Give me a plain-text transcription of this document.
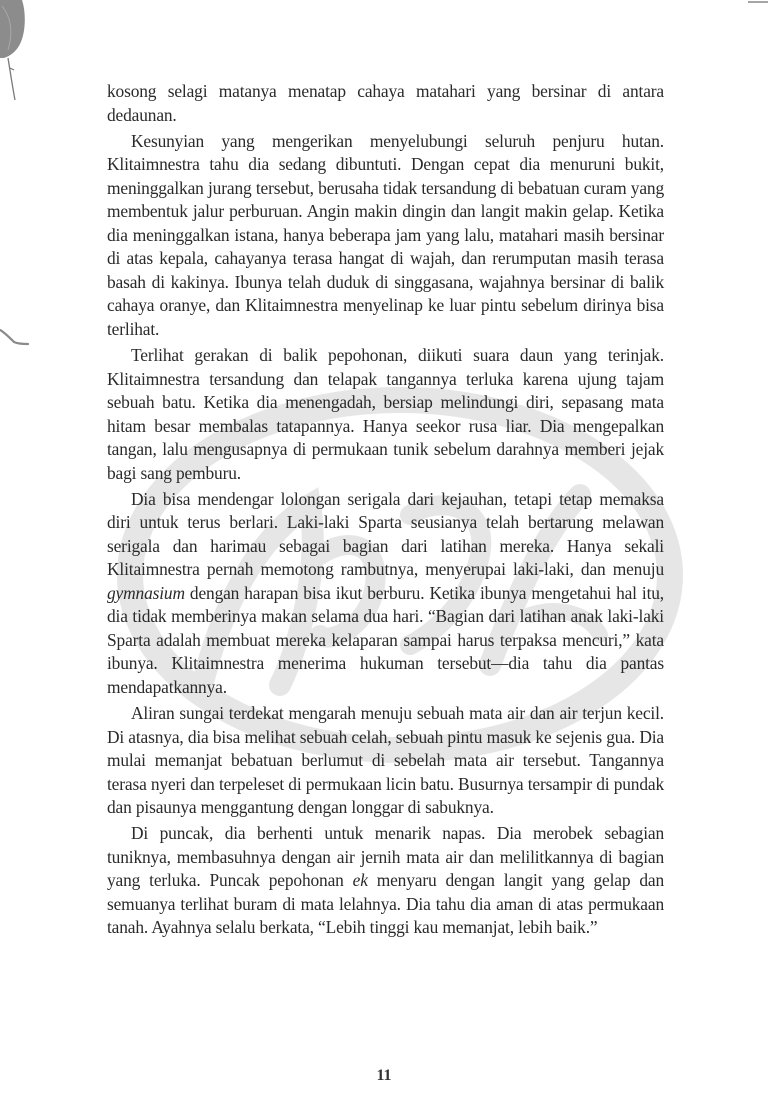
kosong selagi matanya menatap cahaya matahari yang bersinar di antara dedaunan.

Kesunyian yang mengerikan menyelubungi seluruh penjuru hutan. Klitaimnestra tahu dia sedang dibuntuti. Dengan cepat dia menuruni bukit, meninggalkan jurang tersebut, berusaha tidak tersandung di bebatuan curam yang membentuk jalur perburuan. Angin makin dingin dan langit makin gelap. Ketika dia meninggalkan istana, hanya beberapa jam yang lalu, matahari masih bersinar di atas kepala, cahayanya terasa hangat di wajah, dan rerumputan masih terasa basah di kakinya. Ibunya telah duduk di singgasana, wajahnya bersinar di balik cahaya oranye, dan Klitaimnestra menyelinap ke luar pintu sebelum dirinya bisa terlihat.

Terlihat gerakan di balik pepohonan, diikuti suara daun yang terinjak. Klitaimnestra tersandung dan telapak tangannya terluka karena ujung tajam sebuah batu. Ketika dia menengadah, bersiap melindungi diri, sepasang mata hitam besar membalas tatapannya. Hanya seekor rusa liar. Dia mengepalkan tangan, lalu mengusapnya di permukaan tunik sebelum darahnya memberi jejak bagi sang pemburu.

Dia bisa mendengar lolongan serigala dari kejauhan, tetapi tetap memaksa diri untuk terus berlari. Laki-laki Sparta seusianya telah bertarung melawan serigala dan harimau sebagai bagian dari latihan mereka. Hanya sekali Klitaimnestra pernah memotong rambutnya, menyerupai laki-laki, dan menuju gymnasium dengan harapan bisa ikut berburu. Ketika ibunya mengetahui hal itu, dia tidak memberinya makan selama dua hari. “Bagian dari latihan anak laki-laki Sparta adalah membuat mereka kelaparan sampai harus terpaksa mencuri,” kata ibunya. Klitaimnestra menerima hukuman tersebut—dia tahu dia pantas mendapatkannya.

Aliran sungai terdekat mengarah menuju sebuah mata air dan air terjun kecil. Di atasnya, dia bisa melihat sebuah celah, sebuah pintu masuk ke sejenis gua. Dia mulai memanjat bebatuan berlumut di sebelah mata air tersebut. Tangannya terasa nyeri dan terpeleset di permukaan licin batu. Busurnya tersampir di pundak dan pisaunya menggantung dengan longgar di sabuknya.

Di puncak, dia berhenti untuk menarik napas. Dia merobek sebagian tuniknya, membasuhnya dengan air jernih mata air dan melilitkannya di bagian yang terluka. Puncak pepohonan ek menyaru dengan langit yang gelap dan semuanya terlihat buram di mata lelahnya. Dia tahu dia aman di atas permukaan tanah. Ayahnya selalu berkata, “Lebih tinggi kau memanjat, lebih baik.”

11
